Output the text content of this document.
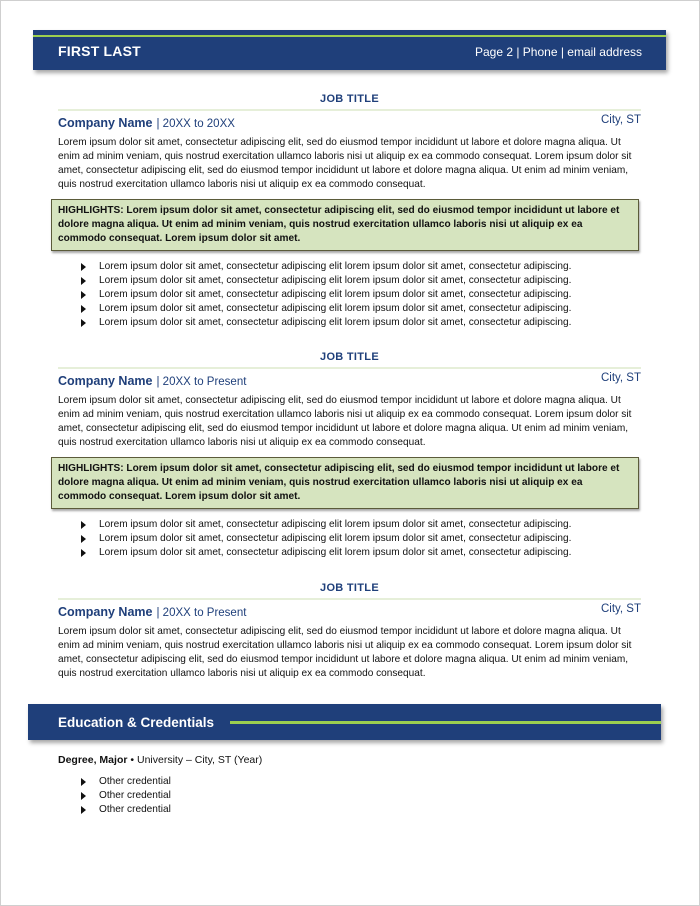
FIRST LAST	Page 2 | Phone | email address
JOB TITLE
Company Name | 20XX to 20XX	City, ST
Lorem ipsum dolor sit amet, consectetur adipiscing elit, sed do eiusmod tempor incididunt ut labore et dolore magna aliqua. Ut enim ad minim veniam, quis nostrud exercitation ullamco laboris nisi ut aliquip ex ea commodo consequat. Lorem ipsum dolor sit amet, consectetur adipiscing elit, sed do eiusmod tempor incididunt ut labore et dolore magna aliqua. Ut enim ad minim veniam, quis nostrud exercitation ullamco laboris nisi ut aliquip ex ea commodo consequat.
HIGHLIGHTS: Lorem ipsum dolor sit amet, consectetur adipiscing elit, sed do eiusmod tempor incididunt ut labore et dolore magna aliqua. Ut enim ad minim veniam, quis nostrud exercitation ullamco laboris nisi ut aliquip ex ea commodo consequat. Lorem ipsum dolor sit amet.
Lorem ipsum dolor sit amet, consectetur adipiscing elit lorem ipsum dolor sit amet, consectetur adipiscing.
Lorem ipsum dolor sit amet, consectetur adipiscing elit lorem ipsum dolor sit amet, consectetur adipiscing.
Lorem ipsum dolor sit amet, consectetur adipiscing elit lorem ipsum dolor sit amet, consectetur adipiscing.
Lorem ipsum dolor sit amet, consectetur adipiscing elit lorem ipsum dolor sit amet, consectetur adipiscing.
Lorem ipsum dolor sit amet, consectetur adipiscing elit lorem ipsum dolor sit amet, consectetur adipiscing.
JOB TITLE
Company Name | 20XX to Present	City, ST
Lorem ipsum dolor sit amet, consectetur adipiscing elit, sed do eiusmod tempor incididunt ut labore et dolore magna aliqua. Ut enim ad minim veniam, quis nostrud exercitation ullamco laboris nisi ut aliquip ex ea commodo consequat. Lorem ipsum dolor sit amet, consectetur adipiscing elit, sed do eiusmod tempor incididunt ut labore et dolore magna aliqua. Ut enim ad minim veniam, quis nostrud exercitation ullamco laboris nisi ut aliquip ex ea commodo consequat.
HIGHLIGHTS: Lorem ipsum dolor sit amet, consectetur adipiscing elit, sed do eiusmod tempor incididunt ut labore et dolore magna aliqua. Ut enim ad minim veniam, quis nostrud exercitation ullamco laboris nisi ut aliquip ex ea commodo consequat. Lorem ipsum dolor sit amet.
Lorem ipsum dolor sit amet, consectetur adipiscing elit lorem ipsum dolor sit amet, consectetur adipiscing.
Lorem ipsum dolor sit amet, consectetur adipiscing elit lorem ipsum dolor sit amet, consectetur adipiscing.
Lorem ipsum dolor sit amet, consectetur adipiscing elit lorem ipsum dolor sit amet, consectetur adipiscing.
JOB TITLE
Company Name | 20XX to Present	City, ST
Lorem ipsum dolor sit amet, consectetur adipiscing elit, sed do eiusmod tempor incididunt ut labore et dolore magna aliqua. Ut enim ad minim veniam, quis nostrud exercitation ullamco laboris nisi ut aliquip ex ea commodo consequat. Lorem ipsum dolor sit amet, consectetur adipiscing elit, sed do eiusmod tempor incididunt ut labore et dolore magna aliqua. Ut enim ad minim veniam, quis nostrud exercitation ullamco laboris nisi ut aliquip ex ea commodo consequat.
Education & Credentials
Degree, Major • University – City, ST (Year)
Other credential
Other credential
Other credential
